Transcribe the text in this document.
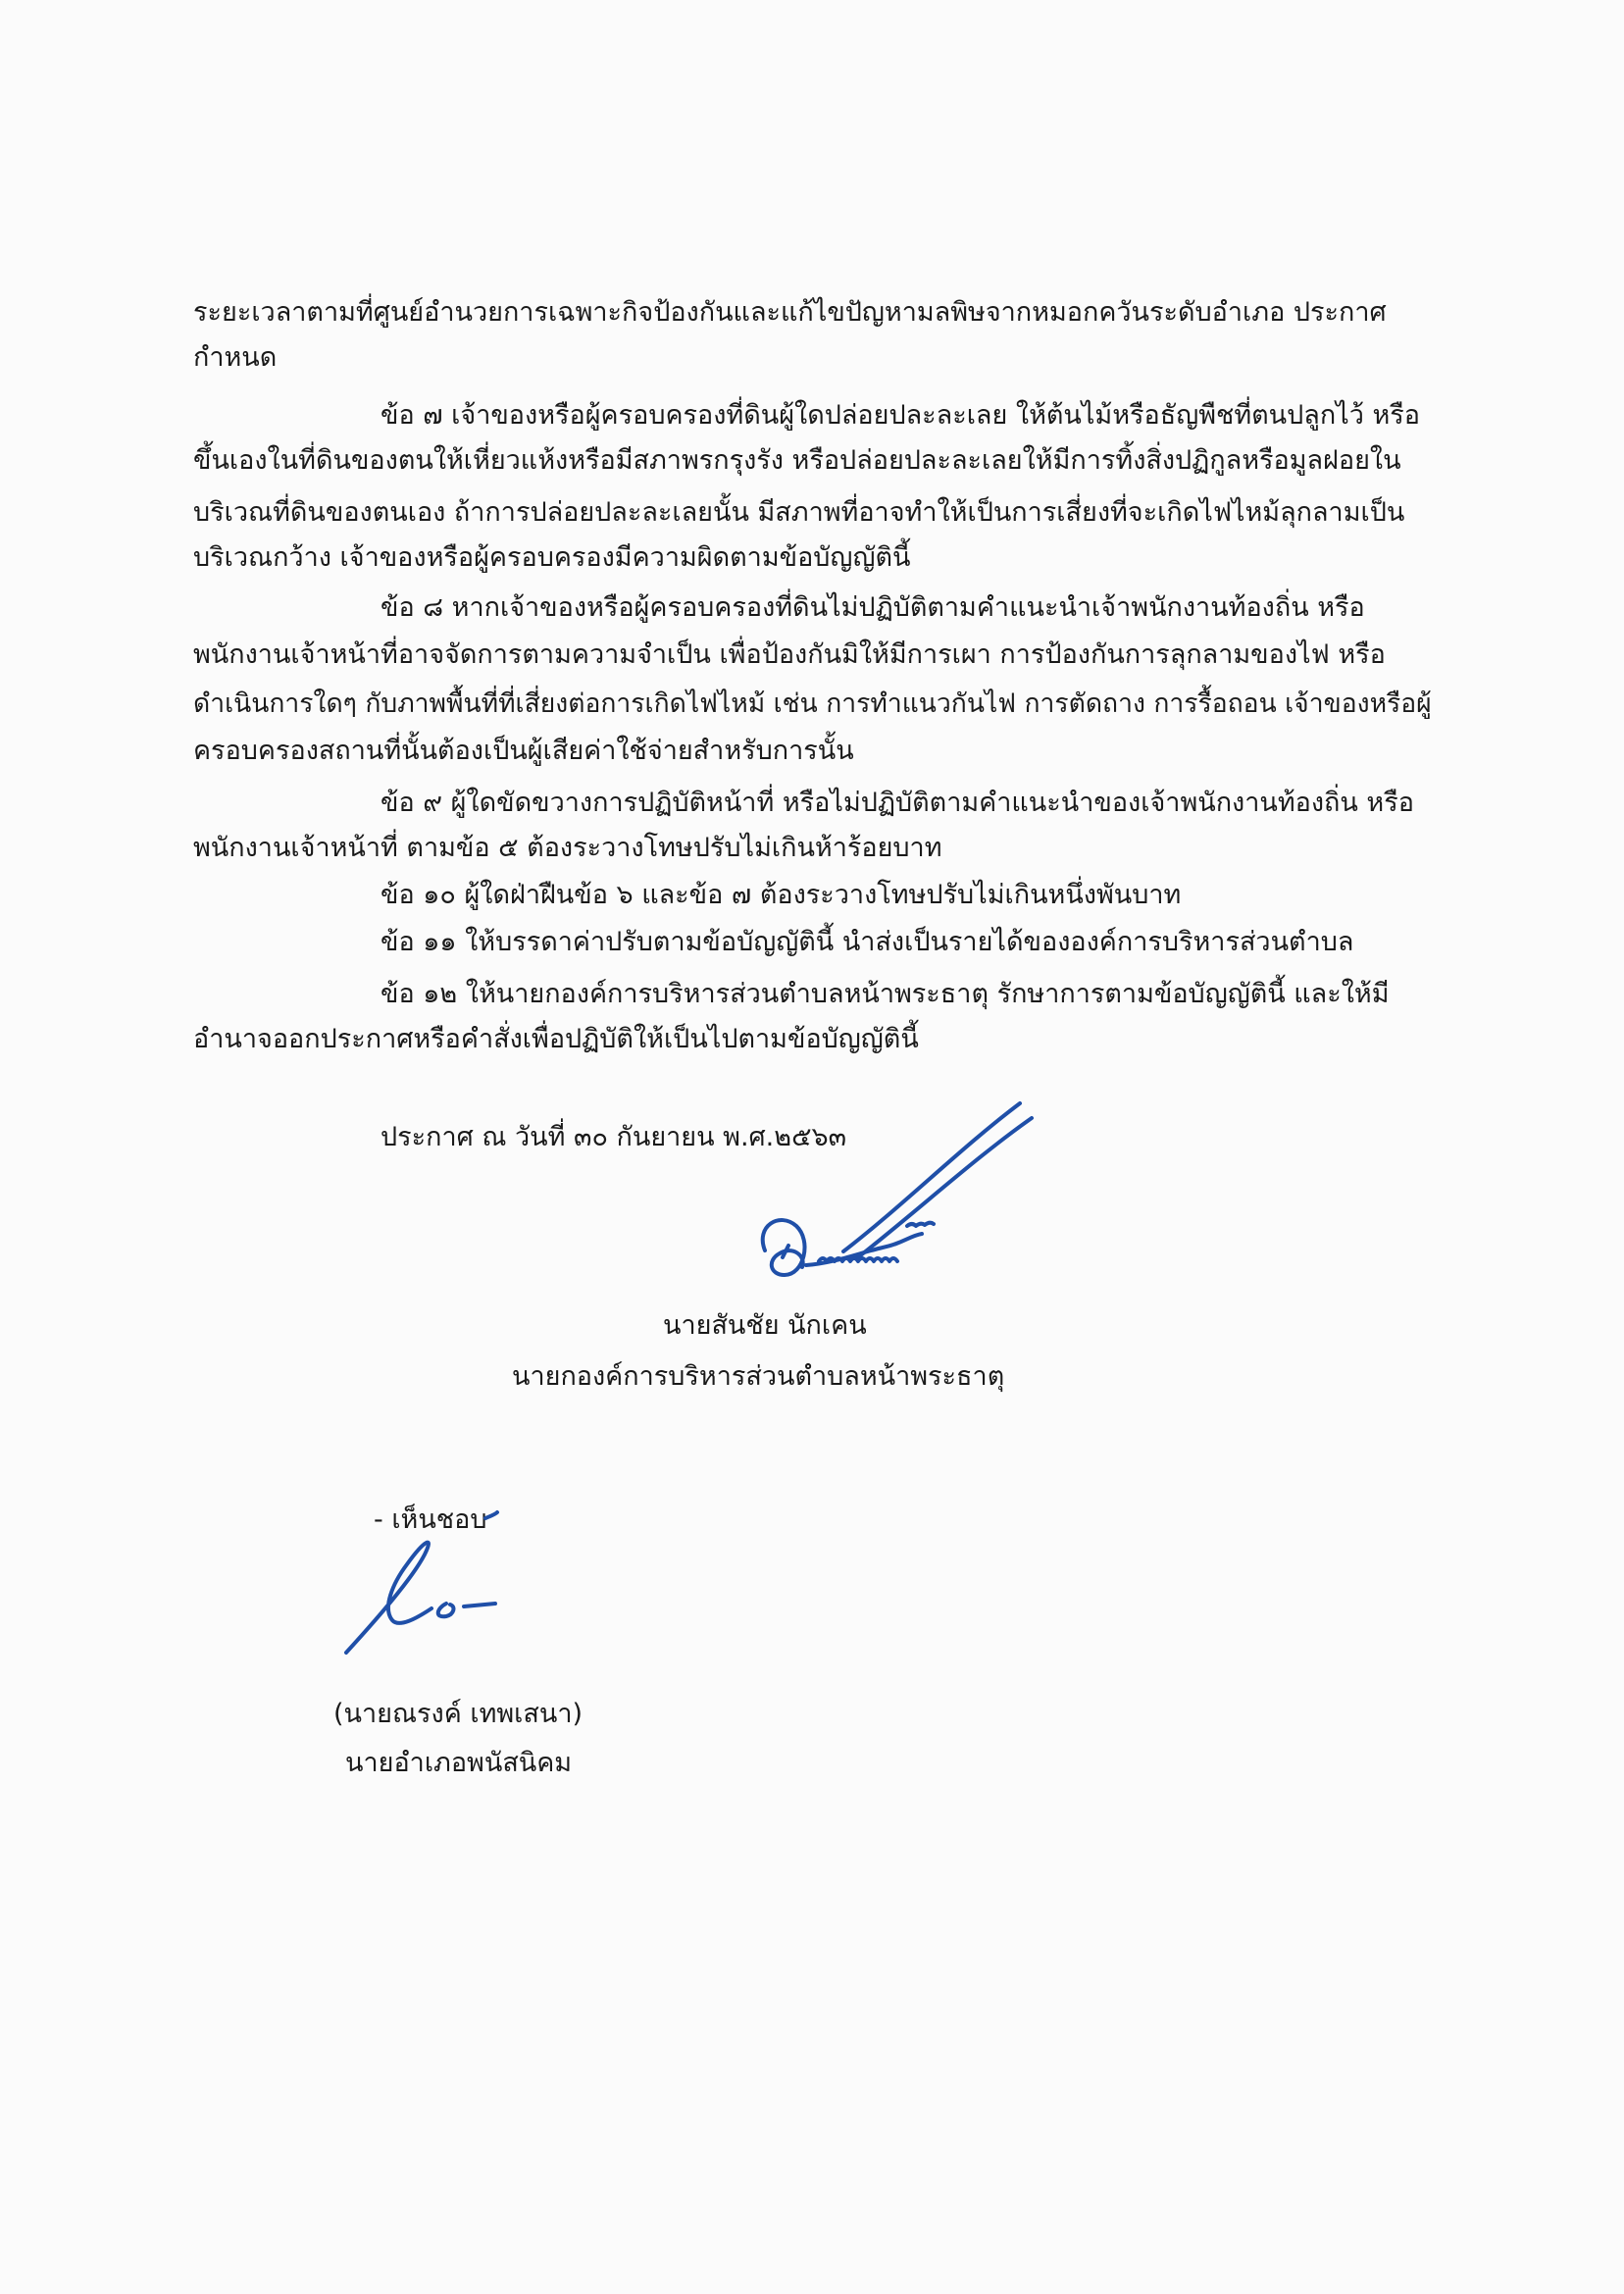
ระยะเวลาตามที่ศูนย์อำนวยการเฉพาะกิจป้องกันและแก้ไขปัญหามลพิษจากหมอกควันระดับอำเภอ ประกาศ
กำหนด
ข้อ ๗ เจ้าของหรือผู้ครอบครองที่ดินผู้ใดปล่อยปละละเลย ให้ต้นไม้หรือธัญพืชที่ตนปลูกไว้ หรือ
ขึ้นเองในที่ดินของตนให้เหี่ยวแห้งหรือมีสภาพรกรุงรัง หรือปล่อยปละละเลยให้มีการทิ้งสิ่งปฏิกูลหรือมูลฝอยใน
บริเวณที่ดินของตนเอง ถ้าการปล่อยปละละเลยนั้น มีสภาพที่อาจทำให้เป็นการเสี่ยงที่จะเกิดไฟไหม้ลุกลามเป็น
บริเวณกว้าง เจ้าของหรือผู้ครอบครองมีความผิดตามข้อบัญญัตินี้
ข้อ ๘ หากเจ้าของหรือผู้ครอบครองที่ดินไม่ปฏิบัติตามคำแนะนำเจ้าพนักงานท้องถิ่น หรือ
พนักงานเจ้าหน้าที่อาจจัดการตามความจำเป็น เพื่อป้องกันมิให้มีการเผา การป้องกันการลุกลามของไฟ หรือ
ดำเนินการใดๆ กับภาพพื้นที่ที่เสี่ยงต่อการเกิดไฟไหม้ เช่น การทำแนวกันไฟ การตัดถาง การรื้อถอน เจ้าของหรือผู้
ครอบครองสถานที่นั้นต้องเป็นผู้เสียค่าใช้จ่ายสำหรับการนั้น
ข้อ ๙ ผู้ใดขัดขวางการปฏิบัติหน้าที่ หรือไม่ปฏิบัติตามคำแนะนำของเจ้าพนักงานท้องถิ่น หรือ
พนักงานเจ้าหน้าที่ ตามข้อ ๕ ต้องระวางโทษปรับไม่เกินห้าร้อยบาท
ข้อ ๑๐ ผู้ใดฝ่าฝืนข้อ ๖ และข้อ ๗ ต้องระวางโทษปรับไม่เกินหนึ่งพันบาท
ข้อ ๑๑ ให้บรรดาค่าปรับตามข้อบัญญัตินี้ นำส่งเป็นรายได้ขององค์การบริหารส่วนตำบล
ข้อ ๑๒ ให้นายกองค์การบริหารส่วนตำบลหน้าพระธาตุ รักษาการตามข้อบัญญัตินี้ และให้มี
อำนาจออกประกาศหรือคำสั่งเพื่อปฏิบัติให้เป็นไปตามข้อบัญญัตินี้
ประกาศ ณ วันที่ ๓๐ กันยายน พ.ศ.๒๕๖๓
นายสันชัย นักเคน
นายกองค์การบริหารส่วนตำบลหน้าพระธาตุ
- เห็นชอบ
(นายณรงค์ เทพเสนา)
นายอำเภอพนัสนิคม
